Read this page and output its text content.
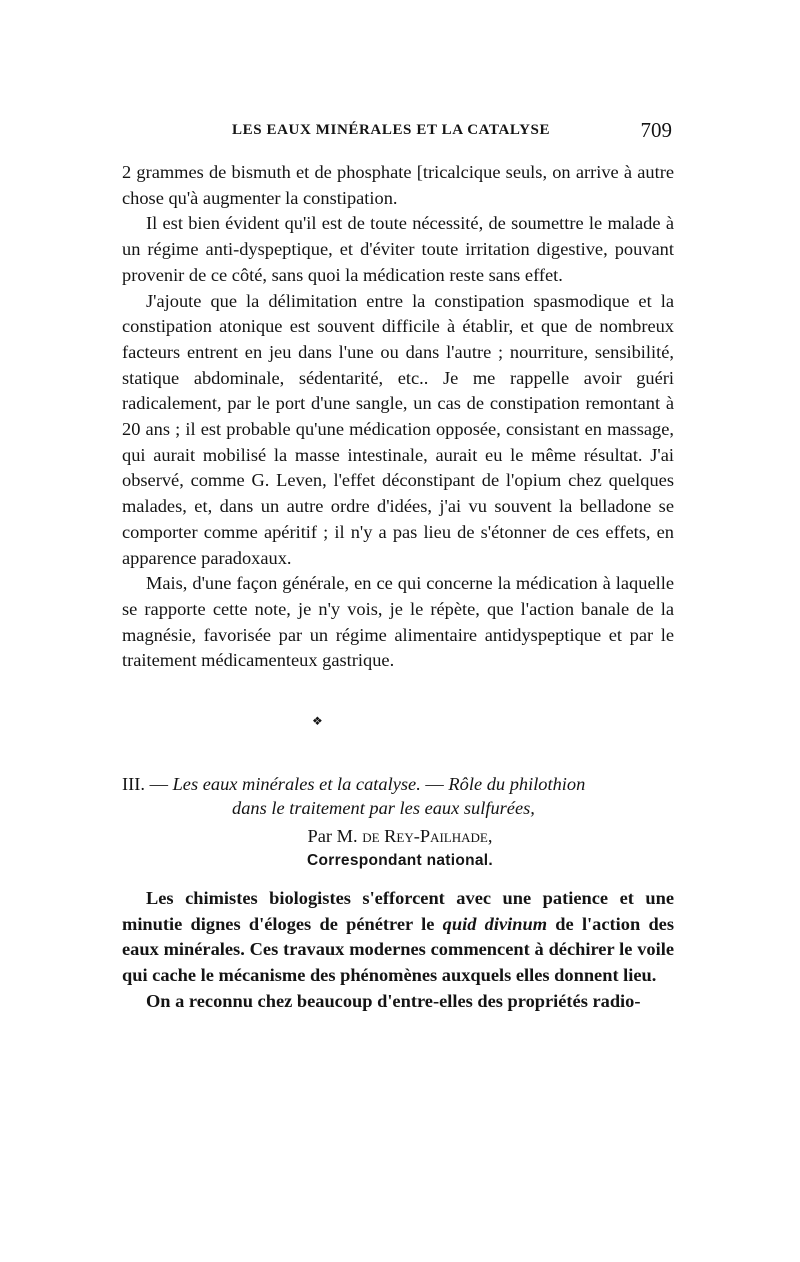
LES EAUX MINÉRALES ET LA CATALYSE	709

2 grammes de bismuth et de phosphate [tricalcique seuls, on arrive à autre chose qu'à augmenter la constipation.

Il est bien évident qu'il est de toute nécessité, de soumettre le malade à un régime anti-dyspeptique, et d'éviter toute irritation digestive, pouvant provenir de ce côté, sans quoi la médication reste sans effet.

J'ajoute que la délimitation entre la constipation spasmodique et la constipation atonique est souvent difficile à établir, et que de nombreux facteurs entrent en jeu dans l'une ou dans l'autre ; nourriture, sensibilité, statique abdominale, sédentarité, etc.. Je me rappelle avoir guéri radicalement, par le port d'une sangle, un cas de constipation remontant à 20 ans ; il est probable qu'une médication opposée, consistant en massage, qui aurait mobilisé la masse intestinale, aurait eu le même résultat. J'ai observé, comme G. Leven, l'effet déconstipant de l'opium chez quelques malades, et, dans un autre ordre d'idées, j'ai vu souvent la belladone se comporter comme apéritif ; il n'y a pas lieu de s'étonner de ces effets, en apparence paradoxaux.

Mais, d'une façon générale, en ce qui concerne la médication à laquelle se rapporte cette note, je n'y vois, je le répète, que l'action banale de la magnésie, favorisée par un régime alimentaire antidyspeptique et par le traitement médicamenteux gastrique.

❖
III. — Les eaux minérales et la catalyse. — Rôle du philothion
dans le traitement par les eaux sulfurées,
Par M. de Rey-Pailhade,
Correspondant national.

Les chimistes biologistes s'efforcent avec une patience et une minutie dignes d'éloges de pénétrer le quid divinum de l'action des eaux minérales. Ces travaux modernes commencent à déchirer le voile qui cache le mécanisme des phénomènes auxquels elles donnent lieu.

On a reconnu chez beaucoup d'entre-elles des propriétés radio-
